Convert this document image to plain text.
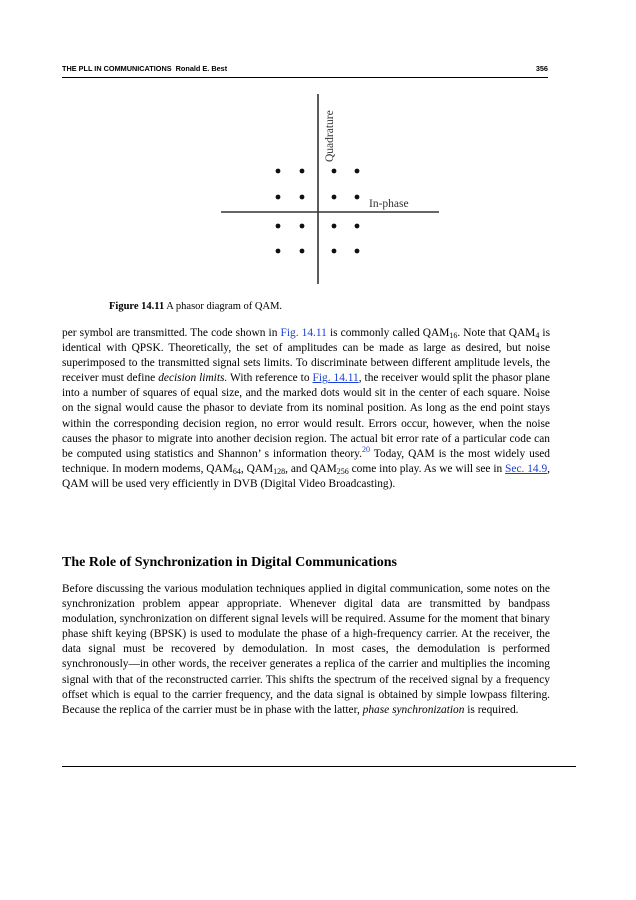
THE PLL IN COMMUNICATIONS Ronald E. Best	356
Quadrature
In-phase
Figure 14.11 A phasor diagram of QAM.
per symbol are transmitted. The code shown in Fig. 14.11 is commonly called $QAM_{16}$. Note that $QAM_4$ is identical with QPSK. Theoretically, the set of amplitudes can be made as large as desired, but noise superimposed to the transmitted signal sets limits. To discriminate between different amplitude levels, the receiver must define decision limits. With reference to Fig. 14.11, the receiver would split the phasor plane into a number of squares of equal size, and the marked dots would sit in the center of each square. Noise on the signal would cause the phasor to deviate from its nominal position. As long as the end point stays within the corresponding decision region, no error would result. Errors occur, however, when the noise causes the phasor to migrate into another decision region. The actual bit error rate of a particular code can be computed using statistics and Shannon’ s information theory.$^{20}$ Today, QAM is the most widely used technique. In modern modems, $QAM_{64}$, $QAM_{128}$, and $QAM_{256}$ come into play. As we will see in Sec. 14.9, QAM will be used very efficiently in DVB (Digital Video Broadcasting).
The Role of Synchronization in Digital Communications
Before discussing the various modulation techniques applied in digital communication, some notes on the synchronization problem appear appropriate. Whenever digital data are transmitted by bandpass modulation, synchronization on different signal levels will be required. Assume for the moment that binary phase shift keying (BPSK) is used to modulate the phase of a high-frequency carrier. At the receiver, the data signal must be recovered by demodulation. In most cases, the demodulation is performed synchronously—in other words, the receiver generates a replica of the carrier and multiplies the incoming signal with that of the reconstructed carrier. This shifts the spectrum of the received signal by a frequency offset which is equal to the carrier frequency, and the data signal is obtained by simple lowpass filtering. Because the replica of the carrier must be in phase with the latter, phase synchronization is required.
